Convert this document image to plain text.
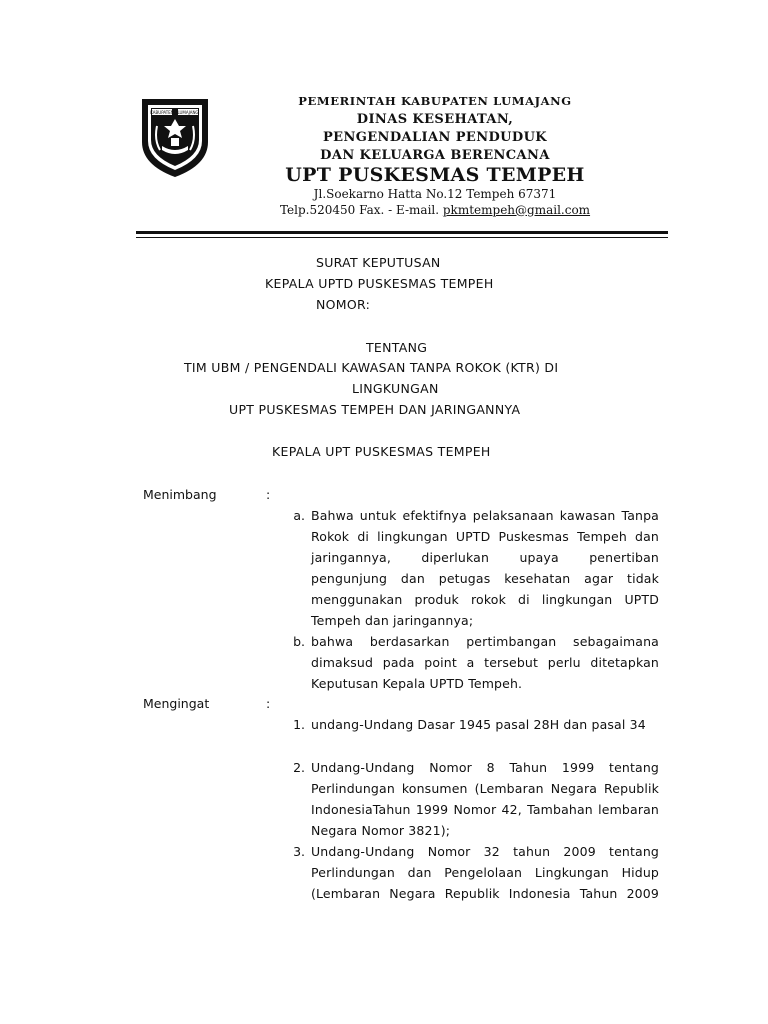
KABUPATEN LUMAJANG
PEMERINTAH KABUPATEN LUMAJANG
DINAS KESEHATAN,
PENGENDALIAN PENDUDUK
DAN KELUARGA BERENCANA
UPT PUSKESMAS TEMPEH
Jl.Soekarno Hatta No.12 Tempeh 67371
Telp.520450 Fax. - E-mail. pkmtempeh@gmail.com
SURAT KEPUTUSAN
KEPALA UPTD PUSKESMAS TEMPEH
NOMOR:
TENTANG
TIM UBM / PENGENDALI KAWASAN TANPA ROKOK (KTR) DI
LINGKUNGAN
UPT PUSKESMAS TEMPEH DAN JARINGANNYA
KEPALA UPT PUSKESMAS TEMPEH
Menimbang	:
a. Bahwa untuk efektifnya pelaksanaan kawasan Tanpa Rokok di lingkungan UPTD Puskesmas Tempeh dan jaringannya, diperlukan upaya penertiban pengunjung dan petugas kesehatan agar tidak menggunakan produk rokok di lingkungan UPTD Tempeh dan jaringannya;
b. bahwa berdasarkan pertimbangan sebagaimana dimaksud pada point a tersebut perlu ditetapkan Keputusan Kepala UPTD Tempeh.
Mengingat	:
1. undang-Undang Dasar 1945 pasal 28H dan pasal 34
2. Undang-Undang Nomor 8 Tahun 1999 tentang Perlindungan konsumen (Lembaran Negara Republik IndonesiaTahun 1999 Nomor 42, Tambahan lembaran Negara Nomor 3821);
3. Undang-Undang Nomor 32 tahun 2009 tentang Perlindungan dan Pengelolaan Lingkungan Hidup (Lembaran Negara Republik Indonesia Tahun 2009
